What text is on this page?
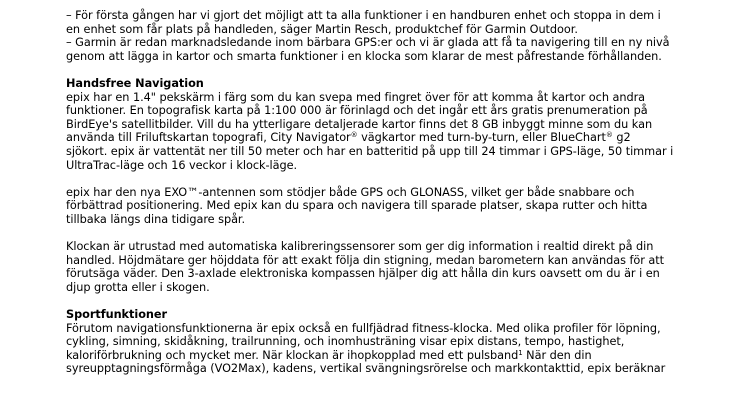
– För första gången har vi gjort det möjligt att ta alla funktioner i en handburen enhet och stoppa in dem i
en enhet som får plats på handleden, säger Martin Resch, produktchef för Garmin Outdoor.
– Garmin är redan marknadsledande inom bärbara GPS:er och vi är glada att få ta navigering till en ny nivå
genom att lägga in kartor och smarta funktioner i en klocka som klarar de mest påfrestande förhållanden.
Handsfree Navigation
epix har en 1.4" pekskärm i färg som du kan svepa med fingret över för att komma åt kartor och andra
funktioner. En topografisk karta på 1:100 000 är förinlagd och det ingår ett års gratis prenumeration på
BirdEye's satellitbilder. Vill du ha ytterligare detaljerade kartor finns det 8 GB inbyggt minne som du kan
använda till Friluftskartan topografi, City Navigator® vägkartor med turn-by-turn, eller BlueChart® g2
sjökort. epix är vattentät ner till 50 meter och har en batteritid på upp till 24 timmar i GPS-läge, 50 timmar i
UltraTrac-läge och 16 veckor i klock-läge.
epix har den nya EXO™-antennen som stödjer både GPS och GLONASS, vilket ger både snabbare och
förbättrad positionering. Med epix kan du spara och navigera till sparade platser, skapa rutter och hitta
tillbaka längs dina tidigare spår.
Klockan är utrustad med automatiska kalibreringssensorer som ger dig information i realtid direkt på din
handled. Höjdmätare ger höjddata för att exakt följa din stigning, medan barometern kan användas för att
förutsäga väder. Den 3-axlade elektroniska kompassen hjälper dig att hålla din kurs oavsett om du är i en
djup grotta eller i skogen.
Sportfunktioner
Förutom navigationsfunktionerna är epix också en fullfjädrad fitness-klocka. Med olika profiler för löpning,
cykling, simning, skidåkning, trailrunning, och inomhusträning visar epix distans, tempo, hastighet,
kaloriförbrukning och mycket mer. När klockan är ihopkopplad med ett pulsband$^1$ När den din
syreupptagningsförmåga (VO2Max), kadens, vertikal svängningsrörelse och markkontakttid, epix beräknar
